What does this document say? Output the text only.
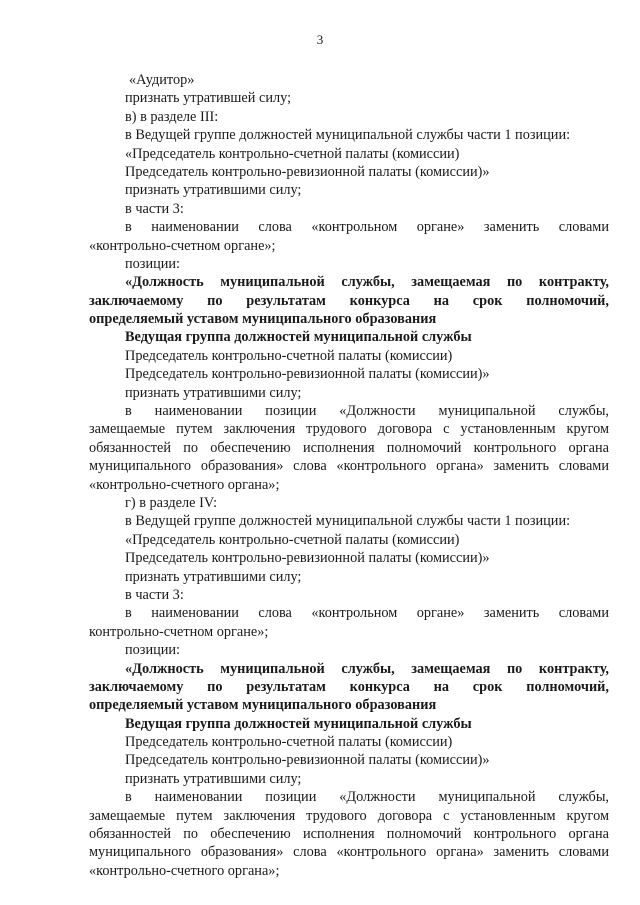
3
«Аудитор»
признать утратившей силу;
в) в разделе III:
в Ведущей группе должностей муниципальной службы части 1 позиции:
«Председатель контрольно-счетной палаты (комиссии)
Председатель контрольно-ревизионной палаты (комиссии)»
признать утратившими силу;
в части 3:
в наименовании слова «контрольном органе» заменить словами
«контрольно-счетном органе»;
позиции:
«Должность муниципальной службы, замещаемая по контракту,
заключаемому по результатам конкурса на срок полномочий,
определяемый уставом муниципального образования
Ведущая группа должностей муниципальной службы
Председатель контрольно-счетной палаты (комиссии)
Председатель контрольно-ревизионной палаты (комиссии)»
признать утратившими силу;
в наименовании позиции «Должности муниципальной службы,
замещаемые путем заключения трудового договора с установленным кругом
обязанностей по обеспечению исполнения полномочий контрольного органа
муниципального образования» слова «контрольного органа» заменить словами
«контрольно-счетного органа»;
г) в разделе IV:
в Ведущей группе должностей муниципальной службы части 1 позиции:
«Председатель контрольно-счетной палаты (комиссии)
Председатель контрольно-ревизионной палаты (комиссии)»
признать утратившими силу;
в части 3:
в наименовании слова «контрольном органе» заменить словами
контрольно-счетном органе»;
позиции:
«Должность муниципальной службы, замещаемая по контракту,
заключаемому по результатам конкурса на срок полномочий,
определяемый уставом муниципального образования
Ведущая группа должностей муниципальной службы
Председатель контрольно-счетной палаты (комиссии)
Председатель контрольно-ревизионной палаты (комиссии)»
признать утратившими силу;
в наименовании позиции «Должности муниципальной службы,
замещаемые путем заключения трудового договора с установленным кругом
обязанностей по обеспечению исполнения полномочий контрольного органа
муниципального образования» слова «контрольного органа» заменить словами
«контрольно-счетного органа»;
